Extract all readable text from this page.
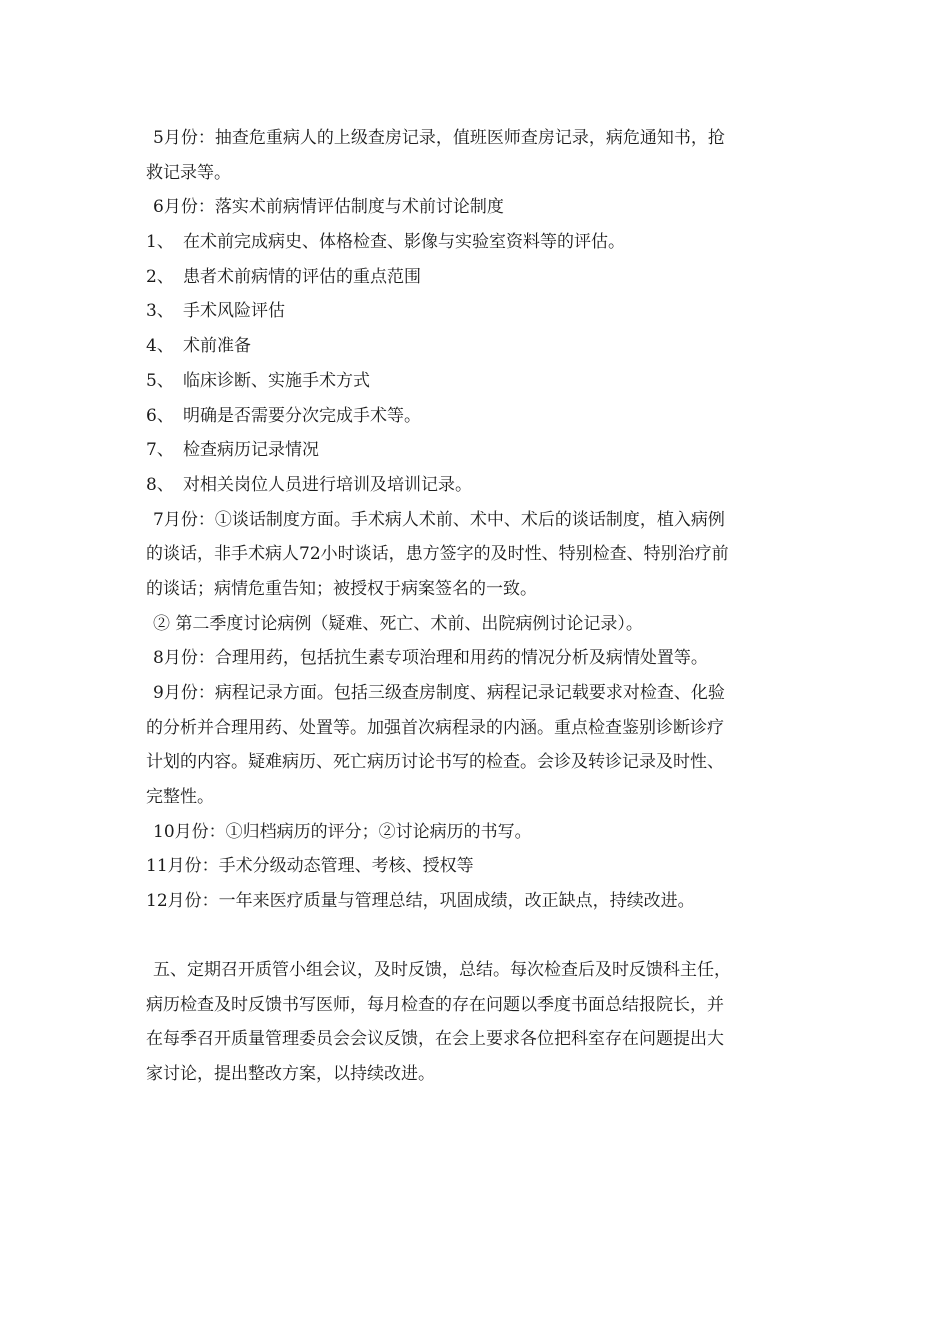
5月份：抽查危重病人的上级查房记录，值班医师查房记录，病危通知书，抢
救记录等。
6月份：落实术前病情评估制度与术前讨论制度
1、 在术前完成病史、体格检查、影像与实验室资料等的评估。
2、 患者术前病情的评估的重点范围
3、 手术风险评估
4、 术前准备
5、 临床诊断、实施手术方式
6、 明确是否需要分次完成手术等。
7、 检查病历记录情况
8、 对相关岗位人员进行培训及培训记录。
7月份：①谈话制度方面。手术病人术前、术中、术后的谈话制度，植入病例
的谈话，非手术病人72小时谈话，患方签字的及时性、特别检查、特别治疗前
的谈话；病情危重告知；被授权于病案签名的一致。
② 第二季度讨论病例（疑难、死亡、术前、出院病例讨论记录）。
8月份：合理用药，包括抗生素专项治理和用药的情况分析及病情处置等。
9月份：病程记录方面。包括三级查房制度、病程记录记载要求对检查、化验
的分析并合理用药、处置等。加强首次病程录的内涵。重点检查鉴别诊断诊疗
计划的内容。疑难病历、死亡病历讨论书写的检查。会诊及转诊记录及时性、
完整性。
10月份：①归档病历的评分；②讨论病历的书写。
11月份：手术分级动态管理、考核、授权等
12月份：一年来医疗质量与管理总结，巩固成绩，改正缺点，持续改进。
五、定期召开质管小组会议，及时反馈，总结。每次检查后及时反馈科主任，
病历检查及时反馈书写医师，每月检查的存在问题以季度书面总结报院长，并
在每季召开质量管理委员会会议反馈，在会上要求各位把科室存在问题提出大
家讨论，提出整改方案，以持续改进。
